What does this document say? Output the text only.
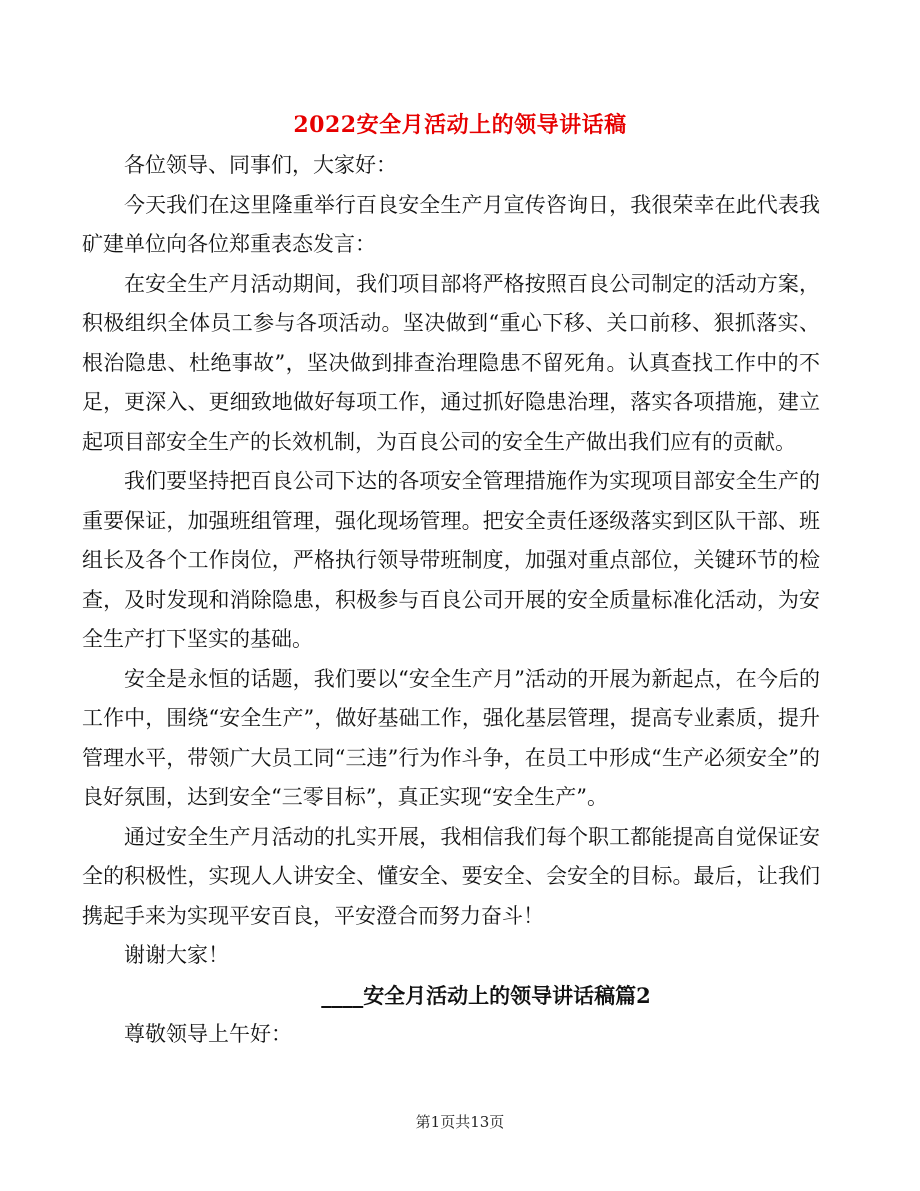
2022安全月活动上的领导讲话稿

各位领导、同事们，大家好：

今天我们在这里隆重举行百良安全生产月宣传咨询日，我很荣幸在此代表我矿建单位向各位郑重表态发言：

在安全生产月活动期间，我们项目部将严格按照百良公司制定的活动方案，积极组织全体员工参与各项活动。坚决做到“重心下移、关口前移、狠抓落实、根治隐患、杜绝事故”，坚决做到排查治理隐患不留死角。认真查找工作中的不足，更深入、更细致地做好每项工作，通过抓好隐患治理，落实各项措施，建立起项目部安全生产的长效机制，为百良公司的安全生产做出我们应有的贡献。

我们要坚持把百良公司下达的各项安全管理措施作为实现项目部安全生产的重要保证，加强班组管理，强化现场管理。把安全责任逐级落实到区队干部、班组长及各个工作岗位，严格执行领导带班制度，加强对重点部位，关键环节的检查，及时发现和消除隐患，积极参与百良公司开展的安全质量标准化活动，为安全生产打下坚实的基础。

安全是永恒的话题，我们要以“安全生产月”活动的开展为新起点，在今后的工作中，围绕“安全生产”，做好基础工作，强化基层管理，提高专业素质，提升管理水平，带领广大员工同“三违”行为作斗争，在员工中形成“生产必须安全”的良好氛围，达到安全“三零目标”，真正实现“安全生产”。

通过安全生产月活动的扎实开展，我相信我们每个职工都能提高自觉保证安全的积极性，实现人人讲安全、懂安全、要安全、会安全的目标。最后，让我们携起手来为实现平安百良，平安澄合而努力奋斗！

谢谢大家！

____安全月活动上的领导讲话稿篇2

尊敬领导上午好：

第1页共13页
